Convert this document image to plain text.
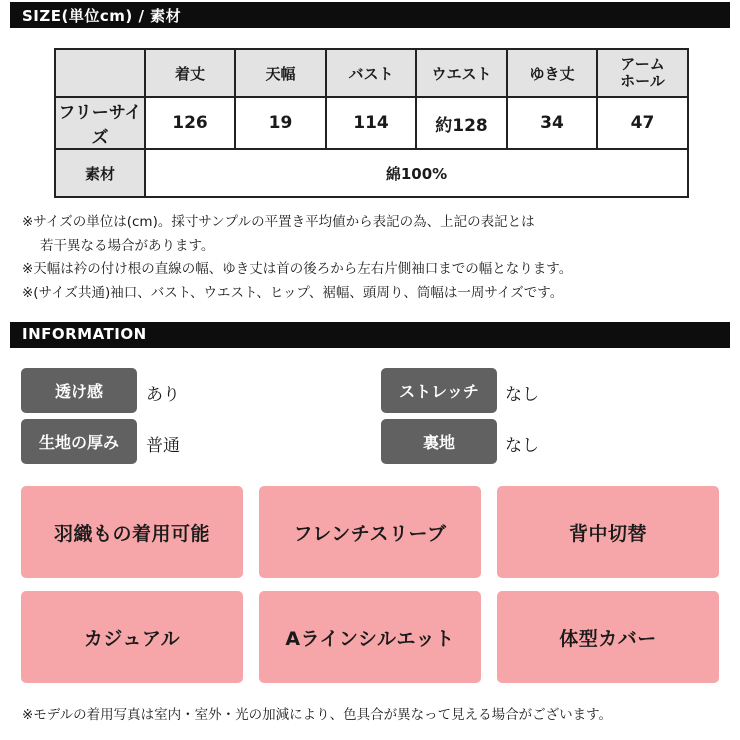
SIZE(単位cm) / 素材
	着丈	天幅	バスト	ウエスト	ゆき丈	アーム
ホール

フリーサイズ	126	19	114	約128	34	47
素材	綿100%					
※サイズの単位は(cm)。採寸サンプルの平置き平均値から表記の為、上記の表記とは
若干異なる場合があります。
※天幅は衿の付け根の直線の幅、ゆき丈は首の後ろから左右片側袖口までの幅となります。
※(サイズ共通)袖口、バスト、ウエスト、ヒップ、裾幅、頭周り、筒幅は一周サイズです。
INFORMATION
透け感	あり	ストレッチ	なし
生地の厚み	普通	裏地	なし
羽織もの着用可能	フレンチスリーブ	背中切替
カジュアル	Aラインシルエット	体型カバー
※モデルの着用写真は室内・室外・光の加減により、色具合が異なって見える場合がございます。
